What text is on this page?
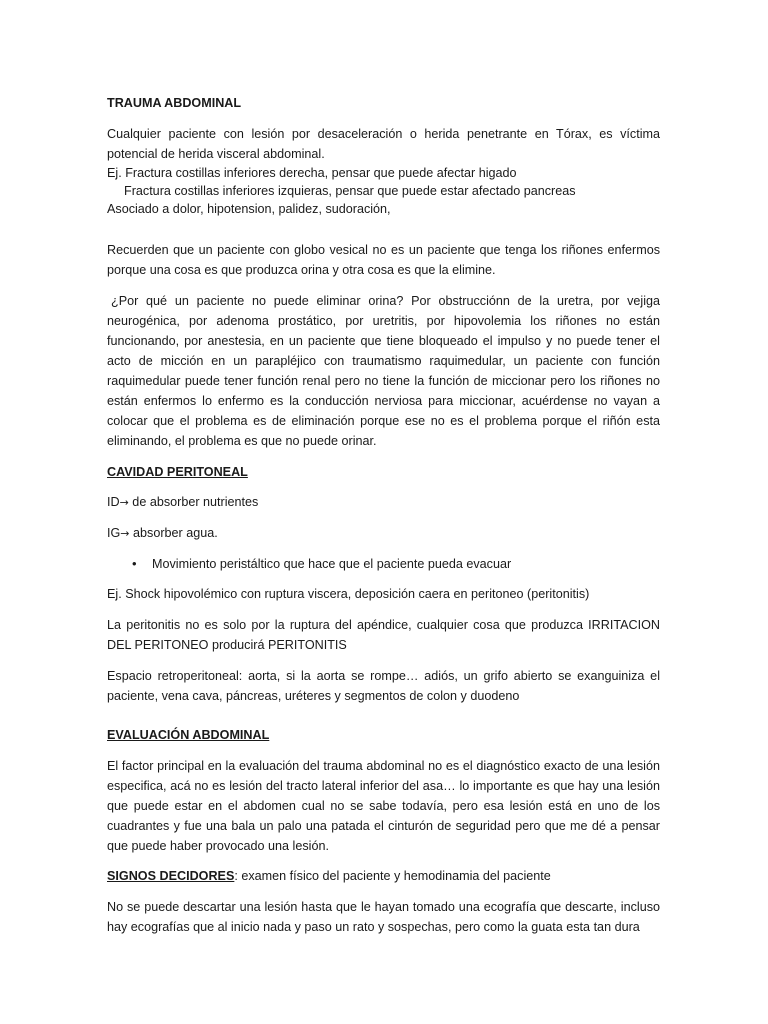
TRAUMA ABDOMINAL

Cualquier paciente con lesión por desaceleración o herida penetrante en Tórax, es víctima potencial de herida visceral abdominal.

Ej. Fractura costillas inferiores derecha, pensar que puede afectar higado

Fractura costillas inferiores izquieras, pensar que puede estar afectado pancreas

Asociado a dolor, hipotension, palidez, sudoración,

Recuerden que un paciente con globo vesical no es un paciente que tenga los riñones enfermos porque una cosa es que produzca orina y otra cosa es que la elimine.

¿Por qué un paciente no puede eliminar orina? Por obstrucciónn de la uretra, por vejiga neurogénica, por adenoma prostático, por uretritis, por hipovolemia los riñones no están funcionando, por anestesia, en un paciente que tiene bloqueado el impulso y no puede tener el acto de micción en un parapléjico con traumatismo raquimedular, un paciente con función raquimedular puede tener función renal pero no tiene la función de miccionar pero los riñones no están enfermos lo enfermo es la conducción nerviosa para miccionar, acuérdense no vayan a colocar que el problema es de eliminación porque ese no es el problema porque el riñón esta eliminando, el problema es que no puede orinar.

CAVIDAD PERITONEAL

ID→ de absorber nutrientes

IG→ absorber agua.

•	Movimiento peristáltico que hace que el paciente pueda evacuar

Ej. Shock hipovolémico con ruptura viscera, deposición caera en peritoneo (peritonitis)

La peritonitis no es solo por la ruptura del apéndice, cualquier cosa que produzca IRRITACION DEL PERITONEO producirá PERITONITIS

Espacio retroperitoneal: aorta, si la aorta se rompe… adiós, un grifo abierto se exanguiniza el paciente, vena cava, páncreas, uréteres y segmentos de colon y duodeno

EVALUACIÓN ABDOMINAL

El factor principal en la evaluación del trauma abdominal no es el diagnóstico exacto de una lesión especifica, acá no es lesión del tracto lateral inferior del asa… lo importante es que hay una lesión que puede estar en el abdomen cual no se sabe todavía, pero esa lesión está en uno de los cuadrantes y fue una bala un palo una patada el cinturón de seguridad pero que me dé a pensar que puede haber provocado una lesión.

SIGNOS DECIDORES: examen físico del paciente y hemodinamia del paciente

No se puede descartar una lesión hasta que le hayan tomado una ecografía que descarte, incluso hay ecografías que al inicio nada y paso un rato y sospechas, pero como la guata esta tan dura
